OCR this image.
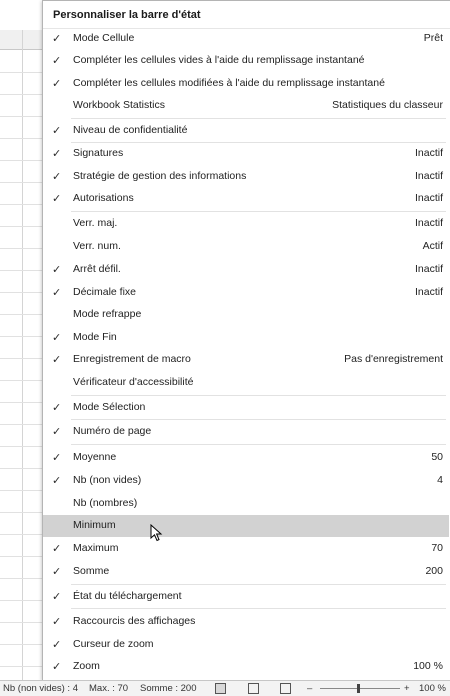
Personnaliser la barre d'état
✓	Mode Cellule	Prêt
✓	Compléter les cellules vides à l'aide du remplissage instantané
✓	Compléter les cellules modifiées à l'aide du remplissage instantané
Workbook Statistics	Statistiques du classeur
✓	Niveau de confidentialité
✓	Signatures	Inactif
✓	Stratégie de gestion des informations	Inactif
✓	Autorisations	Inactif
Verr. maj.	Inactif
Verr. num.	Actif
✓	Arrêt défil.	Inactif
✓	Décimale fixe	Inactif
Mode refrappe
✓	Mode Fin
✓	Enregistrement de macro	Pas d'enregistrement
Vérificateur d'accessibilité
✓	Mode Sélection
✓	Numéro de page
✓	Moyenne	50
✓	Nb (non vides)	4
Nb (nombres)
Minimum
✓	Maximum	70
✓	Somme	200
✓	État du téléchargement
✓	Raccourcis des affichages
✓	Curseur de zoom
✓	Zoom	100 %
Nb (non vides) : 4 Max. : 70 Somme : 200	–	+ 100 %
